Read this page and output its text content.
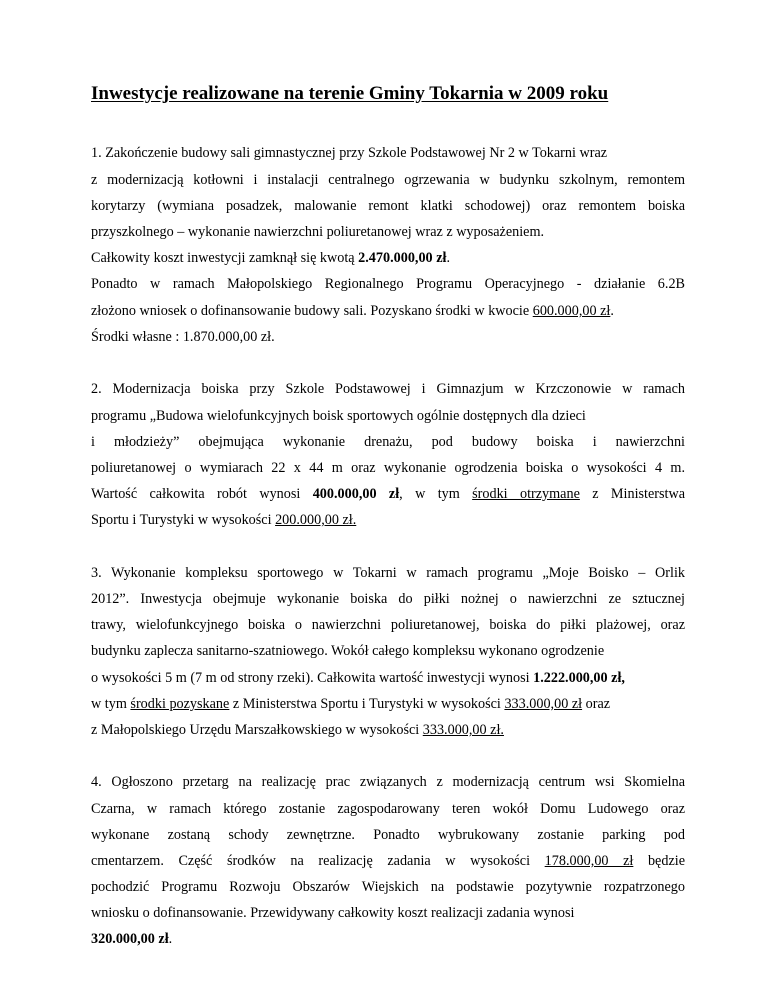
Inwestycje realizowane na terenie Gminy Tokarnia w 2009 roku
1. Zakończenie budowy sali gimnastycznej przy Szkole Podstawowej Nr 2 w Tokarni wraz
z modernizacją kotłowni i instalacji centralnego ogrzewania w budynku szkolnym, remontem
korytarzy (wymiana posadzek, malowanie remont klatki schodowej) oraz remontem boiska
przyszkolnego – wykonanie nawierzchni poliuretanowej wraz z wyposażeniem.
Całkowity koszt inwestycji zamknął się kwotą 2.470.000,00 zł.
Ponadto w ramach Małopolskiego Regionalnego Programu Operacyjnego - działanie 6.2B
złożono wniosek o dofinansowanie budowy sali. Pozyskano środki w kwocie 600.000,00 zł.
Środki własne : 1.870.000,00 zł.
2. Modernizacja boiska przy Szkole Podstawowej i Gimnazjum w Krzczonowie w ramach
programu „Budowa wielofunkcyjnych boisk sportowych ogólnie dostępnych dla dzieci
i młodzieży” obejmująca wykonanie drenażu, pod budowy boiska i nawierzchni
poliuretanowej o wymiarach 22 x 44 m oraz wykonanie ogrodzenia boiska o wysokości 4 m.
Wartość całkowita robót wynosi 400.000,00 zł, w tym środki otrzymane z Ministerstwa
Sportu i Turystyki w wysokości 200.000,00 zł.
3. Wykonanie kompleksu sportowego w Tokarni w ramach programu „Moje Boisko – Orlik
2012”. Inwestycja obejmuje wykonanie boiska do piłki nożnej o nawierzchni ze sztucznej
trawy, wielofunkcyjnego boiska o nawierzchni poliuretanowej, boiska do piłki plażowej, oraz
budynku zaplecza sanitarno-szatniowego. Wokół całego kompleksu wykonano ogrodzenie
o wysokości 5 m (7 m od strony rzeki). Całkowita wartość inwestycji wynosi 1.222.000,00 zł,
w tym środki pozyskane z Ministerstwa Sportu i Turystyki w wysokości 333.000,00 zł oraz
z Małopolskiego Urzędu Marszałkowskiego w wysokości 333.000,00 zł.
4. Ogłoszono przetarg na realizację prac związanych z modernizacją centrum wsi Skomielna
Czarna, w ramach którego zostanie zagospodarowany teren wokół Domu Ludowego oraz
wykonane zostaną schody zewnętrzne. Ponadto wybrukowany zostanie parking pod
cmentarzem. Część środków na realizację zadania w wysokości 178.000,00 zł będzie
pochodzić Programu Rozwoju Obszarów Wiejskich na podstawie pozytywnie rozpatrzonego
wniosku o dofinansowanie. Przewidywany całkowity koszt realizacji zadania wynosi
320.000,00 zł.
